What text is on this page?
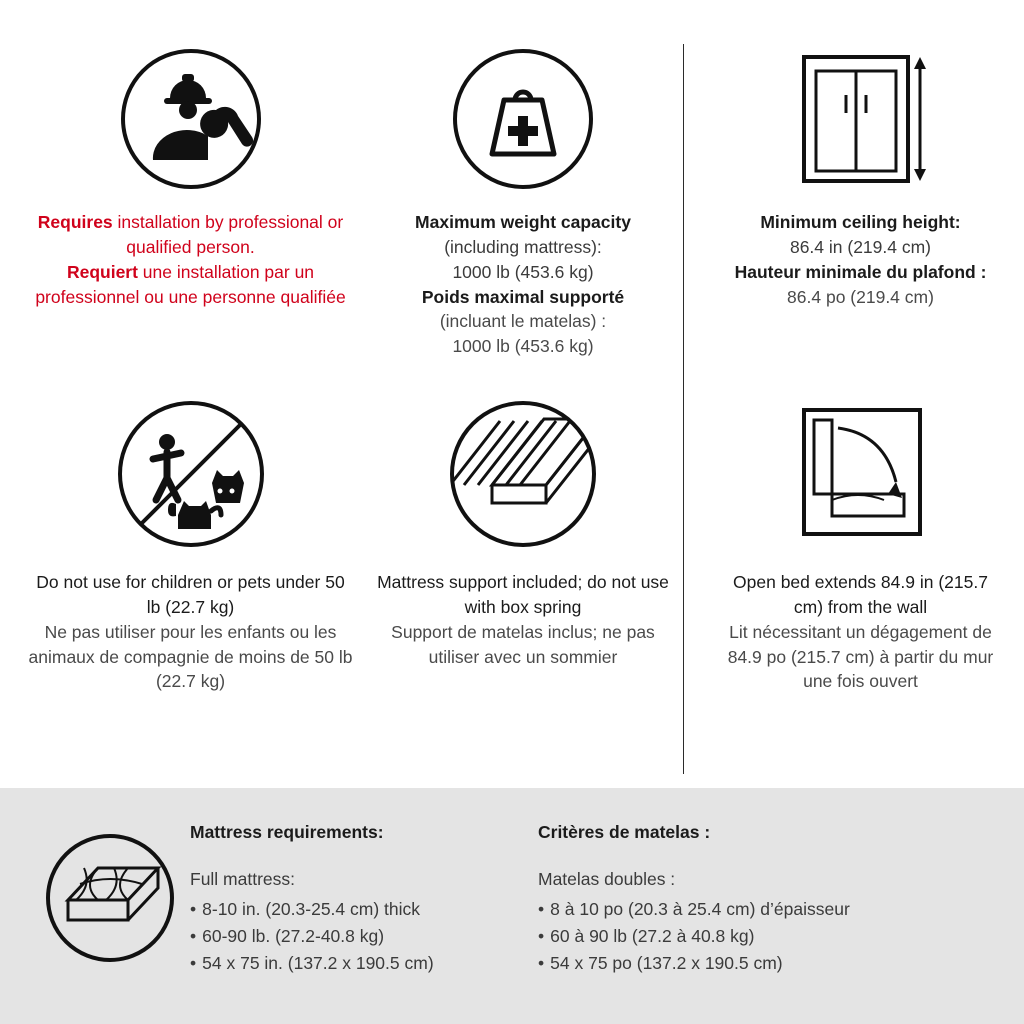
Requires installation by professional or qualified person.

Requiert une installation par un professionnel ou une personne qualifiée

Maximum weight capacity

(including mattress):

1000 lb (453.6 kg)

Poids maximal supporté

(incluant le matelas) :

1000 lb (453.6 kg)

Minimum ceiling height:

86.4 in (219.4 cm)

Hauteur minimale du plafond :

86.4 po (219.4 cm)

Do not use for children or pets under 50 lb (22.7 kg)

Ne pas utiliser pour les enfants ou les animaux de compagnie de moins de 50 lb (22.7 kg)

Mattress support included; do not use with box spring

Support de matelas inclus; ne pas utiliser avec un sommier

Open bed extends 84.9 in (215.7 cm) from the wall

Lit nécessitant un dégagement de 84.9 po (215.7 cm) à partir du mur une fois ouvert

Mattress requirements:
Full mattress:
• 8-10 in. (20.3-25.4 cm) thick
• 60-90 lb. (27.2-40.8 kg)
• 54 x 75 in. (137.2 x 190.5 cm)
Critères de matelas :
Matelas doubles :
• 8 à 10 po (20.3 à 25.4 cm) d’épaisseur
• 60 à 90 lb (27.2 à 40.8 kg)
• 54 x 75 po (137.2 x 190.5 cm)
